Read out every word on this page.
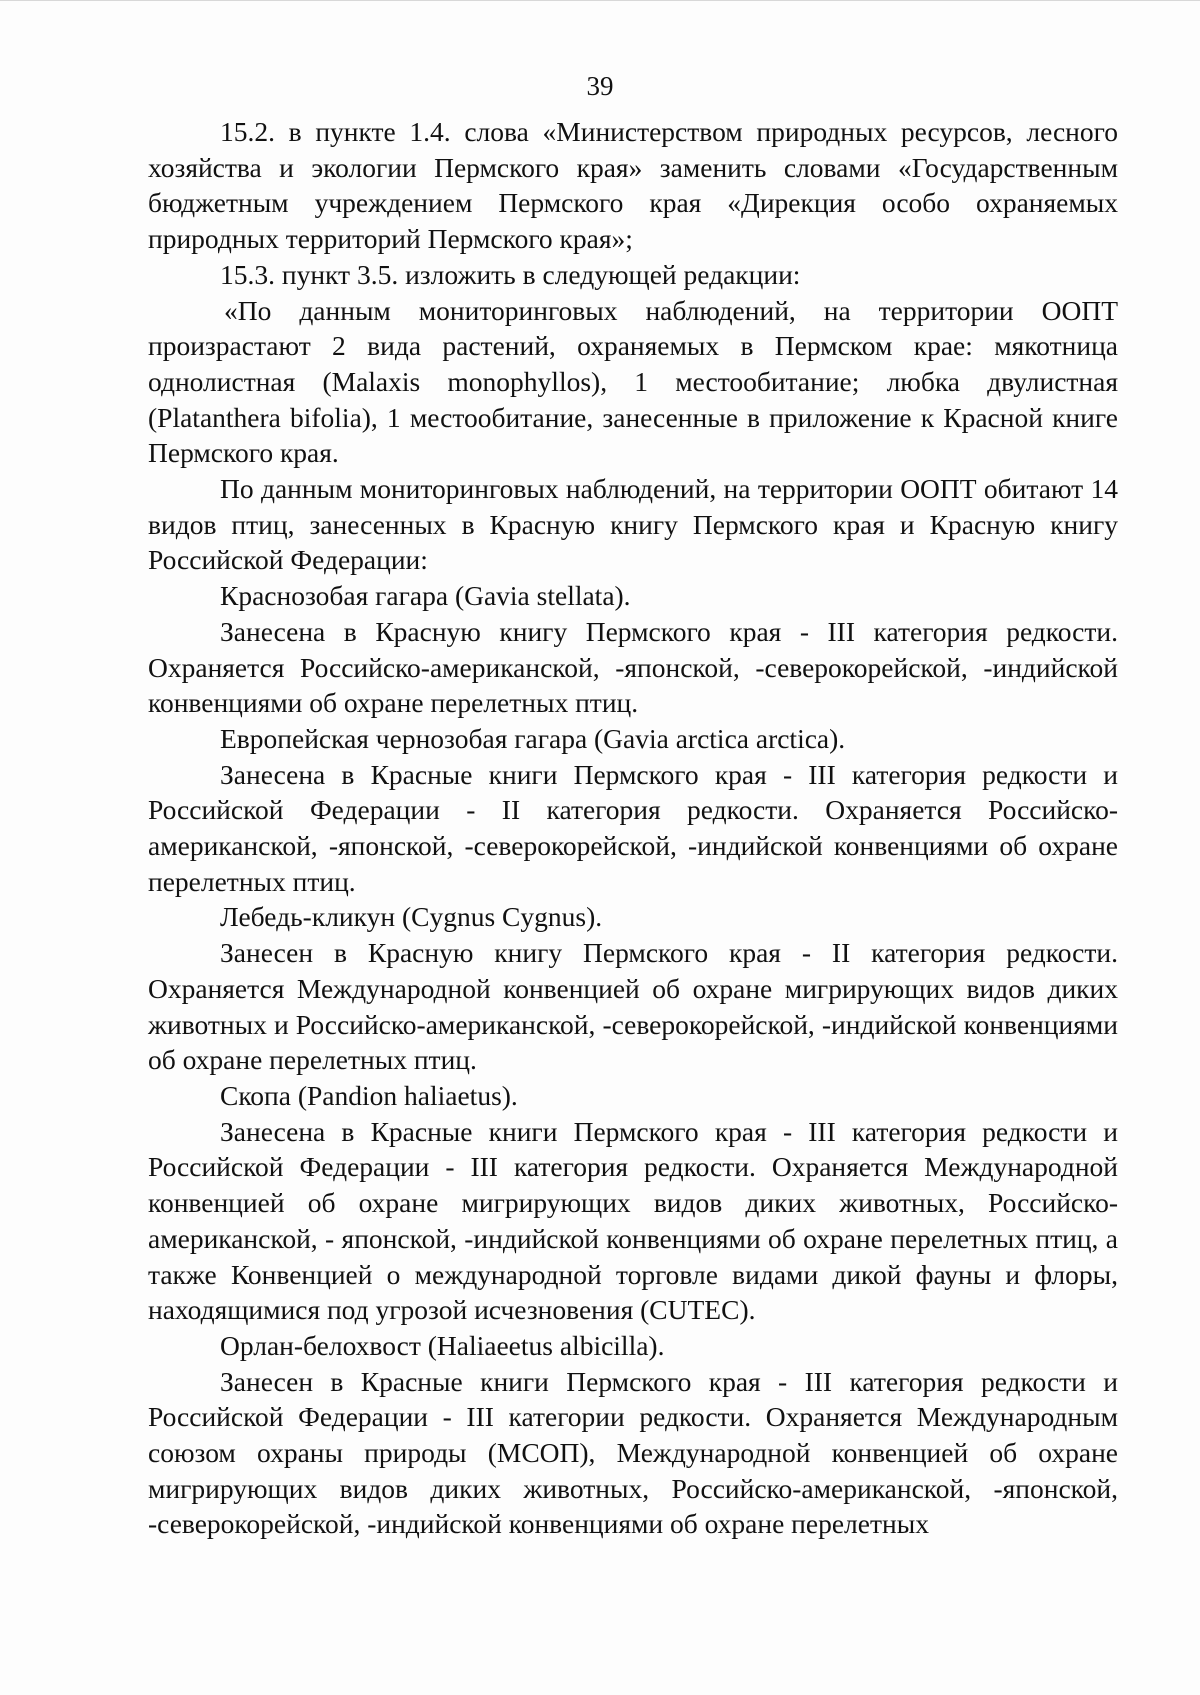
39

15.2. в пункте 1.4. слова «Министерством природных ресурсов, лесного хозяйства и экологии Пермского края» заменить словами «Государственным бюджетным учреждением Пермского края «Дирекция особо охраняемых природных территорий Пермского края»;

15.3. пункт 3.5. изложить в следующей редакции:

«По данным мониторинговых наблюдений, на территории ООПТ произрастают 2 вида растений, охраняемых в Пермском крае: мякотница однолистная (Malaxis monophyllos), 1 местообитание; любка двулистная (Platanthera bifolia), 1 местообитание, занесенные в приложение к Красной книге Пермского края.

По данным мониторинговых наблюдений, на территории ООПТ обитают 14 видов птиц, занесенных в Красную книгу Пермского края и Красную книгу Российской Федерации:

Краснозобая гагара (Gavia stellata).

Занесена в Красную книгу Пермского края - III категория редкости. Охраняется Российско-американской, -японской, -северокорейской, -индийской конвенциями об охране перелетных птиц.

Европейская чернозобая гагара (Gavia arctica arctica).

Занесена в Красные книги Пермского края - III категория редкости и Российской Федерации - II категория редкости. Охраняется Российско-американской, -японской, -северокорейской, -индийской конвенциями об охране перелетных птиц.

Лебедь-кликун (Cygnus Cygnus).

Занесен в Красную книгу Пермского края - II категория редкости. Охраняется Международной конвенцией об охране мигрирующих видов диких животных и Российско-американской, -северокорейской, -индийской конвенциями об охране перелетных птиц.

Скопа (Pandion haliaetus).

Занесена в Красные книги Пермского края - III категория редкости и Российской Федерации - III категория редкости. Охраняется Международной конвенцией об охране мигрирующих видов диких животных, Российско-американской, - японской, -индийской конвенциями об охране перелетных птиц, а также Конвенцией о международной торговле видами дикой фауны и флоры, находящимися под угрозой исчезновения (CUTEC).

Орлан-белохвост (Haliaeetus albicilla).

Занесен в Красные книги Пермского края - III категория редкости и Российской Федерации - III категории редкости. Охраняется Международным союзом охраны природы (МСОП), Международной конвенцией об охране мигрирующих видов диких животных, Российско-американской, -японской, -северокорейской, -индийской конвенциями об охране перелетных
